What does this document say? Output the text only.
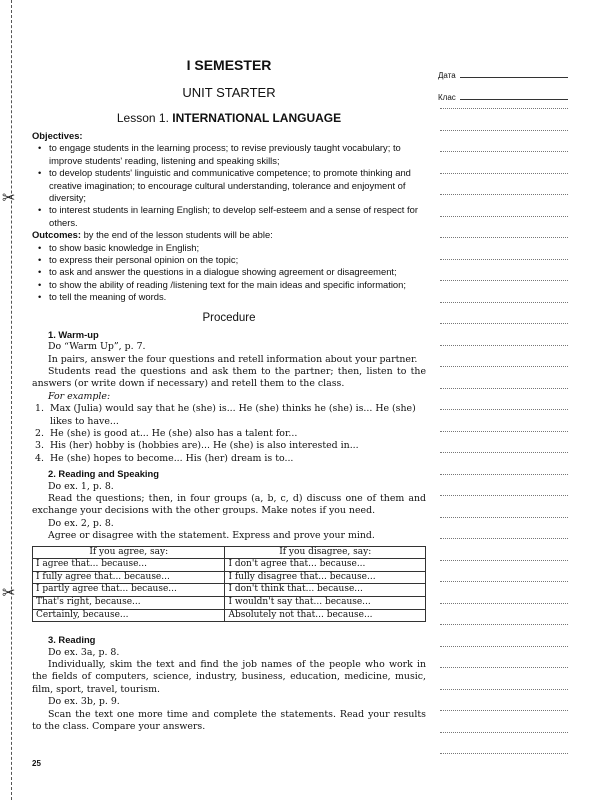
✂
✂
I SEMESTER
UNIT STARTER
Lesson 1. INTERNATIONAL LANGUAGE
Objectives:
• to engage students in the learning process; to revise previously taught vocabulary; to improve students' reading, listening and speaking skills;
• to develop students' linguistic and communicative competence; to promote thinking and creative imagination; to encourage cultural understanding, tolerance and enjoyment of diversity;
• to interest students in learning English; to develop self-esteem and a sense of respect for others.
Outcomes: by the end of the lesson students will be able:
• to show basic knowledge in English;
• to express their personal opinion on the topic;
• to ask and answer the questions in a dialogue showing agreement or disagreement;
• to show the ability of reading /listening text for the main ideas and specific information;
• to tell the meaning of words.
Procedure
1. Warm-up
Do “Warm Up”, p. 7.
In pairs, answer the four questions and retell information about your partner.
Students read the questions and ask them to the partner; then, listen to the answers (or write down if necessary) and retell them to the class.
For example:
1. Max (Julia) would say that he (she) is... He (she) thinks he (she) is... He (she) likes to have...
2. He (she) is good at... He (she) also has a talent for...
3. His (her) hobby is (hobbies are)... He (she) is also interested in...
4. He (she) hopes to become... His (her) dream is to...
2. Reading and Speaking
Do ex. 1, p. 8.
Read the questions; then, in four groups (a, b, c, d) discuss one of them and exchange your decisions with the other groups. Make notes if you need.
Do ex. 2, p. 8.
Agree or disagree with the statement. Express and prove your mind.
If you agree, say:	If you disagree, say:
I agree that... because...	I don't agree that... because...
I fully agree that... because...	I fully disagree that... because...
I partly agree that... because...	I don't think that... because...
That's right, because...	I wouldn't say that... because...
Certainly, because...	Absolutely not that... because...
3. Reading
Do ex. 3a, p. 8.
Individually, skim the text and find the job names of the people who work in the fields of computers, science, industry, business, education, medicine, music, film, sport, travel, tourism.
Do ex. 3b, p. 9.
Scan the text one more time and complete the statements. Read your results to the class. Compare your answers.
25
Дата
Клас
